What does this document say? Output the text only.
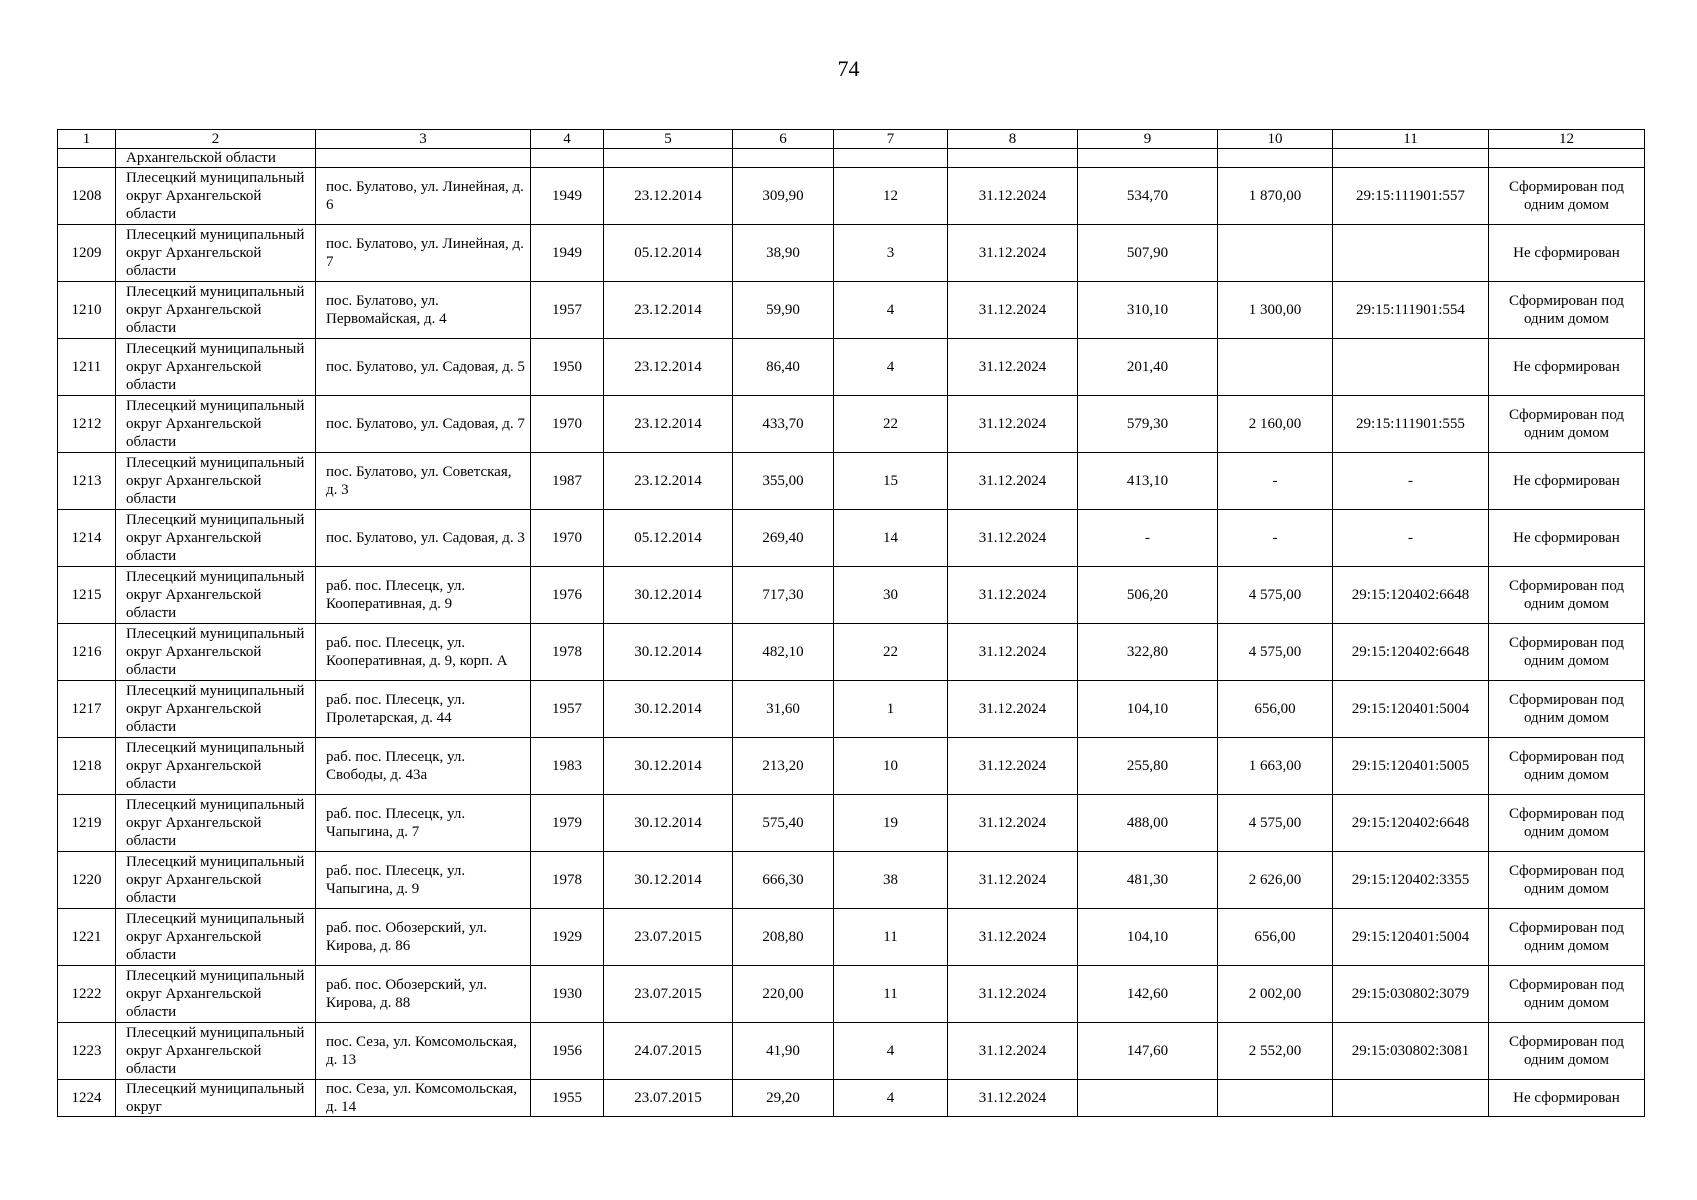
74
1	2	3	4	5	6	7	8	9	10	11	12
	Архангельской области										
1208	Плесецкий муниципальный округ Архангельской области	пос. Булатово, ул. Линейная, д. 6	1949	23.12.2014	309,90	12	31.12.2024	534,70	1 870,00	29:15:111901:557	Сформирован под одним домом
1209	Плесецкий муниципальный округ Архангельской области	пос. Булатово, ул. Линейная, д. 7	1949	05.12.2014	38,90	3	31.12.2024	507,90			Не сформирован
1210	Плесецкий муниципальный округ Архангельской области	пос. Булатово, ул. Первомайская, д. 4	1957	23.12.2014	59,90	4	31.12.2024	310,10	1 300,00	29:15:111901:554	Сформирован под одним домом
1211	Плесецкий муниципальный округ Архангельской области	пос. Булатово, ул. Садовая, д. 5	1950	23.12.2014	86,40	4	31.12.2024	201,40			Не сформирован
1212	Плесецкий муниципальный округ Архангельской области	пос. Булатово, ул. Садовая, д. 7	1970	23.12.2014	433,70	22	31.12.2024	579,30	2 160,00	29:15:111901:555	Сформирован под одним домом
1213	Плесецкий муниципальный округ Архангельской области	пос. Булатово, ул. Советская, д. 3	1987	23.12.2014	355,00	15	31.12.2024	413,10	-	-	Не сформирован
1214	Плесецкий муниципальный округ Архангельской области	пос. Булатово, ул. Садовая, д. 3	1970	05.12.2014	269,40	14	31.12.2024	-	-	-	Не сформирован
1215	Плесецкий муниципальный округ Архангельской области	раб. пос. Плесецк, ул. Кооперативная, д. 9	1976	30.12.2014	717,30	30	31.12.2024	506,20	4 575,00	29:15:120402:6648	Сформирован под одним домом
1216	Плесецкий муниципальный округ Архангельской области	раб. пос. Плесецк, ул. Кооперативная, д. 9, корп. А	1978	30.12.2014	482,10	22	31.12.2024	322,80	4 575,00	29:15:120402:6648	Сформирован под одним домом
1217	Плесецкий муниципальный округ Архангельской области	раб. пос. Плесецк, ул. Пролетарская, д. 44	1957	30.12.2014	31,60	1	31.12.2024	104,10	656,00	29:15:120401:5004	Сформирован под одним домом
1218	Плесецкий муниципальный округ Архангельской области	раб. пос. Плесецк, ул. Свободы, д. 43а	1983	30.12.2014	213,20	10	31.12.2024	255,80	1 663,00	29:15:120401:5005	Сформирован под одним домом
1219	Плесецкий муниципальный округ Архангельской области	раб. пос. Плесецк, ул. Чапыгина, д. 7	1979	30.12.2014	575,40	19	31.12.2024	488,00	4 575,00	29:15:120402:6648	Сформирован под одним домом
1220	Плесецкий муниципальный округ Архангельской области	раб. пос. Плесецк, ул. Чапыгина, д. 9	1978	30.12.2014	666,30	38	31.12.2024	481,30	2 626,00	29:15:120402:3355	Сформирован под одним домом
1221	Плесецкий муниципальный округ Архангельской области	раб. пос. Обозерский, ул. Кирова, д. 86	1929	23.07.2015	208,80	11	31.12.2024	104,10	656,00	29:15:120401:5004	Сформирован под одним домом
1222	Плесецкий муниципальный округ Архангельской области	раб. пос. Обозерский, ул. Кирова, д. 88	1930	23.07.2015	220,00	11	31.12.2024	142,60	2 002,00	29:15:030802:3079	Сформирован под одним домом
1223	Плесецкий муниципальный округ Архангельской области	пос. Сеза, ул. Комсомольская, д. 13	1956	24.07.2015	41,90	4	31.12.2024	147,60	2 552,00	29:15:030802:3081	Сформирован под одним домом
1224	Плесецкий муниципальный округ	пос. Сеза, ул. Комсомольская, д. 14	1955	23.07.2015	29,20	4	31.12.2024				Не сформирован
